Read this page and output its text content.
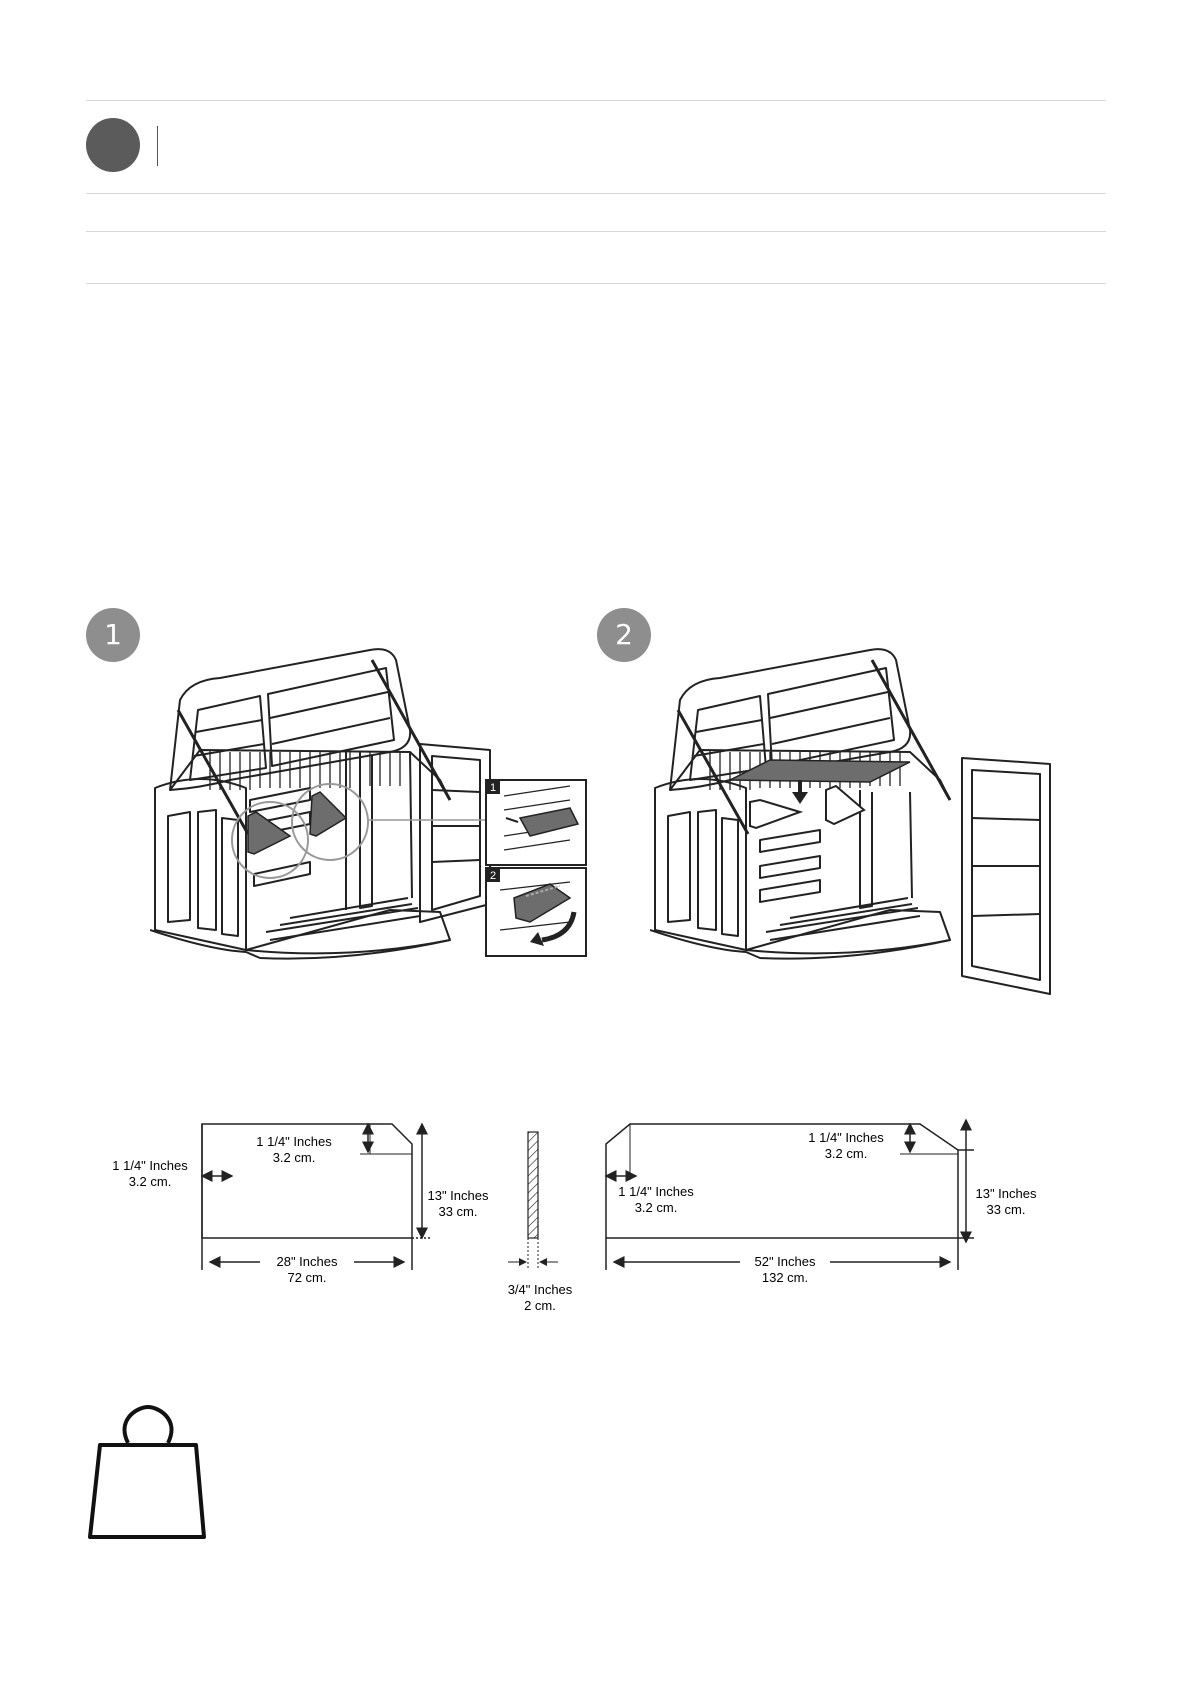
1	2
1
2
1 1/4" Inches
3.2 cm.
1 1/4" Inches
3.2 cm.
13" Inches
33 cm.
28" Inches
72 cm.
3/4" Inches
2 cm.
1 1/4" Inches
3.2 cm.
1 1/4" Inches
3.2 cm.
13" Inches
33 cm.
52" Inches
132 cm.
